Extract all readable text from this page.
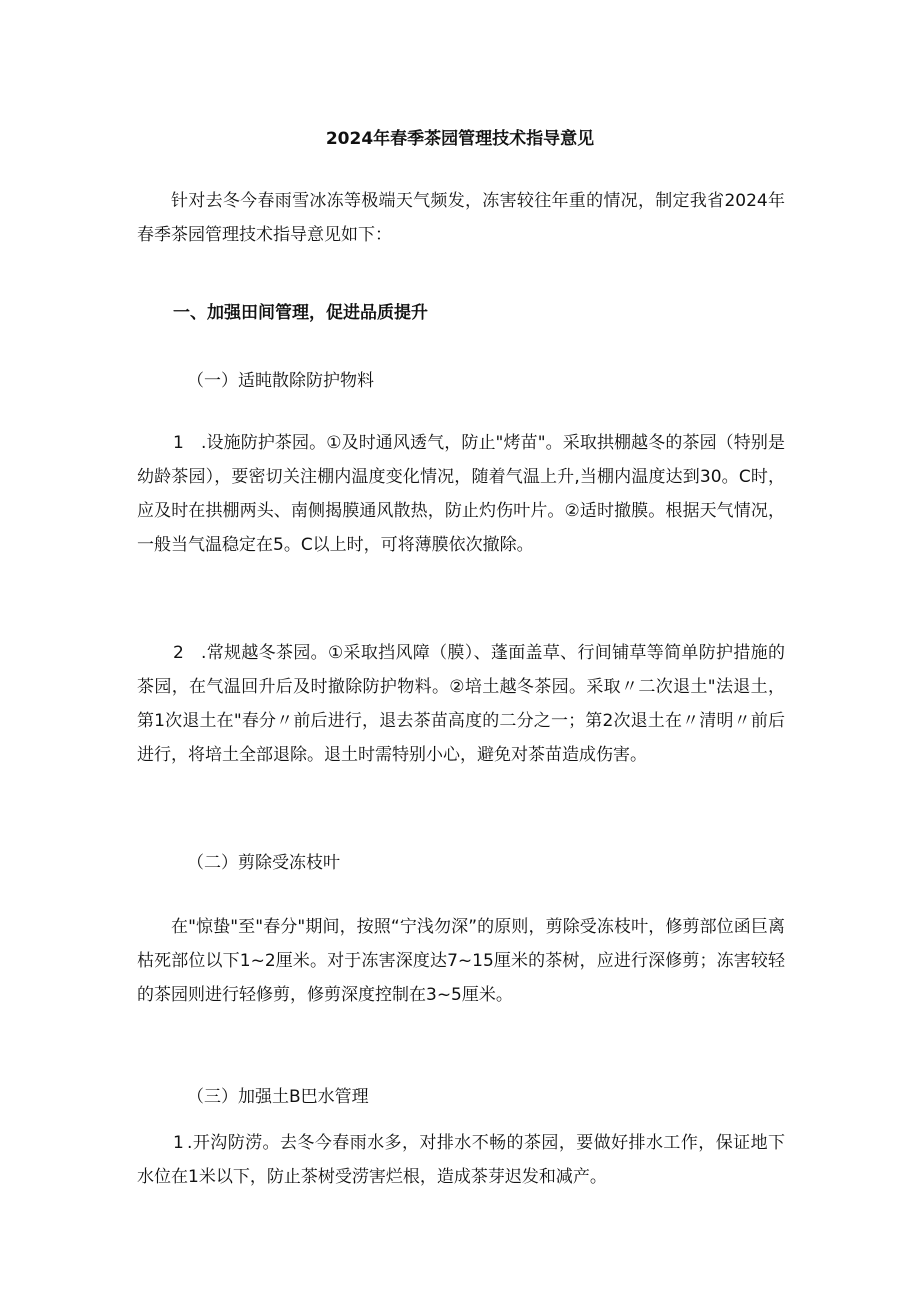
2024年春季茶园管理技术指导意见

针对去冬今春雨雪冰冻等极端天气频发，冻害较往年重的情况，制定我省2024年春季茶园管理技术指导意见如下：

一、加强田间管理，促进品质提升

（一）适盹散除防护物料

1 .设施防护茶园。①及时通风透气，防止"烤苗"。采取拱棚越冬的茶园（特别是幼龄茶园），要密切关注棚内温度变化情况，随着气温上升,当棚内温度达到30。C时，应及时在拱棚两头、南侧揭膜通风散热，防止灼伤叶片。②适时撤膜。根据天气情况，一般当气温稳定在5。C以上时，可将薄膜依次撤除。

2 .常规越冬茶园。①采取挡风障（膜）、蓬面盖草、行间铺草等简单防护措施的茶园，在气温回升后及时撤除防护物料。②培土越冬茶园。采取〃二次退土"法退土，第1次退土在"春分〃前后进行，退去茶苗高度的二分之一；第2次退土在〃清明〃前后进行，将培土全部退除。退土时需特别小心，避免对茶苗造成伤害。

（二）剪除受冻枝叶

在"惊蛰"至"春分"期间，按照“宁浅勿深”的原则，剪除受冻枝叶，修剪部位函巨离枯死部位以下1~2厘米。对于冻害深度达7~15厘米的茶树，应进行深修剪；冻害较轻的茶园则进行轻修剪，修剪深度控制在3~5厘米。

（三）加强土B巴水管理

1 .开沟防涝。去冬今春雨水多，对排水不畅的茶园，要做好排水工作，保证地下水位在1米以下，防止茶树受涝害烂根，造成茶芽迟发和减产。
